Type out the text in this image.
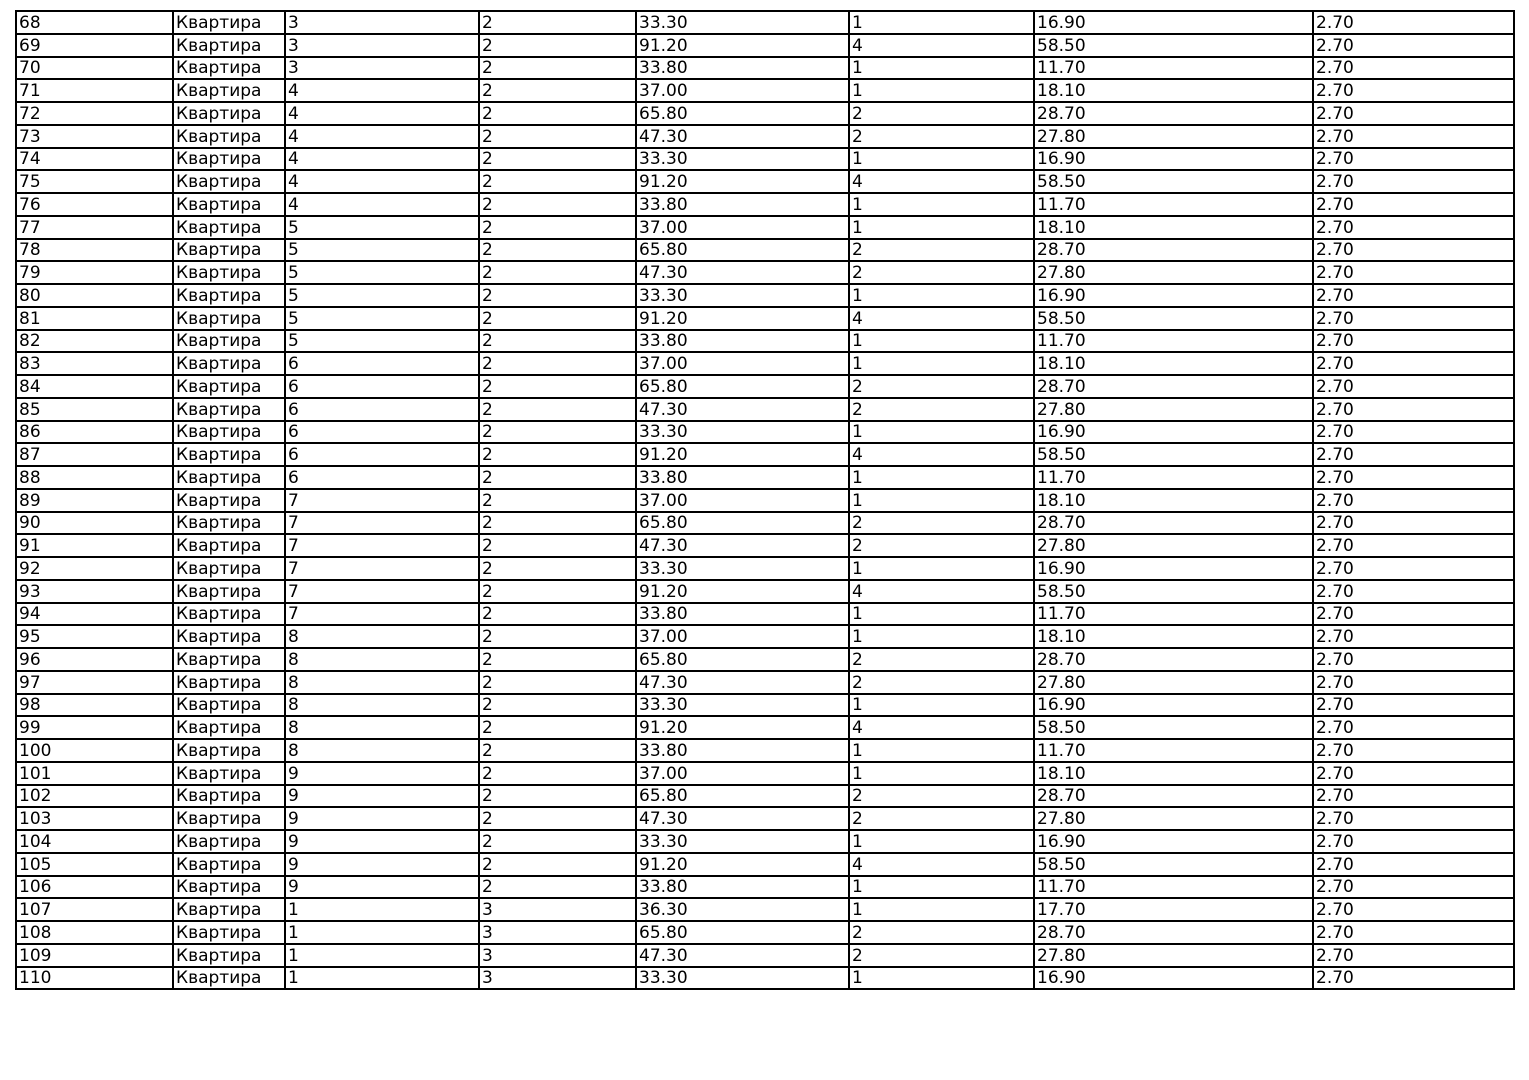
68	Квартира	3	2	33.30	1	16.90	2.70
69	Квартира	3	2	91.20	4	58.50	2.70
70	Квартира	3	2	33.80	1	11.70	2.70
71	Квартира	4	2	37.00	1	18.10	2.70
72	Квартира	4	2	65.80	2	28.70	2.70
73	Квартира	4	2	47.30	2	27.80	2.70
74	Квартира	4	2	33.30	1	16.90	2.70
75	Квартира	4	2	91.20	4	58.50	2.70
76	Квартира	4	2	33.80	1	11.70	2.70
77	Квартира	5	2	37.00	1	18.10	2.70
78	Квартира	5	2	65.80	2	28.70	2.70
79	Квартира	5	2	47.30	2	27.80	2.70
80	Квартира	5	2	33.30	1	16.90	2.70
81	Квартира	5	2	91.20	4	58.50	2.70
82	Квартира	5	2	33.80	1	11.70	2.70
83	Квартира	6	2	37.00	1	18.10	2.70
84	Квартира	6	2	65.80	2	28.70	2.70
85	Квартира	6	2	47.30	2	27.80	2.70
86	Квартира	6	2	33.30	1	16.90	2.70
87	Квартира	6	2	91.20	4	58.50	2.70
88	Квартира	6	2	33.80	1	11.70	2.70
89	Квартира	7	2	37.00	1	18.10	2.70
90	Квартира	7	2	65.80	2	28.70	2.70
91	Квартира	7	2	47.30	2	27.80	2.70
92	Квартира	7	2	33.30	1	16.90	2.70
93	Квартира	7	2	91.20	4	58.50	2.70
94	Квартира	7	2	33.80	1	11.70	2.70
95	Квартира	8	2	37.00	1	18.10	2.70
96	Квартира	8	2	65.80	2	28.70	2.70
97	Квартира	8	2	47.30	2	27.80	2.70
98	Квартира	8	2	33.30	1	16.90	2.70
99	Квартира	8	2	91.20	4	58.50	2.70
100	Квартира	8	2	33.80	1	11.70	2.70
101	Квартира	9	2	37.00	1	18.10	2.70
102	Квартира	9	2	65.80	2	28.70	2.70
103	Квартира	9	2	47.30	2	27.80	2.70
104	Квартира	9	2	33.30	1	16.90	2.70
105	Квартира	9	2	91.20	4	58.50	2.70
106	Квартира	9	2	33.80	1	11.70	2.70
107	Квартира	1	3	36.30	1	17.70	2.70
108	Квартира	1	3	65.80	2	28.70	2.70
109	Квартира	1	3	47.30	2	27.80	2.70
110	Квартира	1	3	33.30	1	16.90	2.70
